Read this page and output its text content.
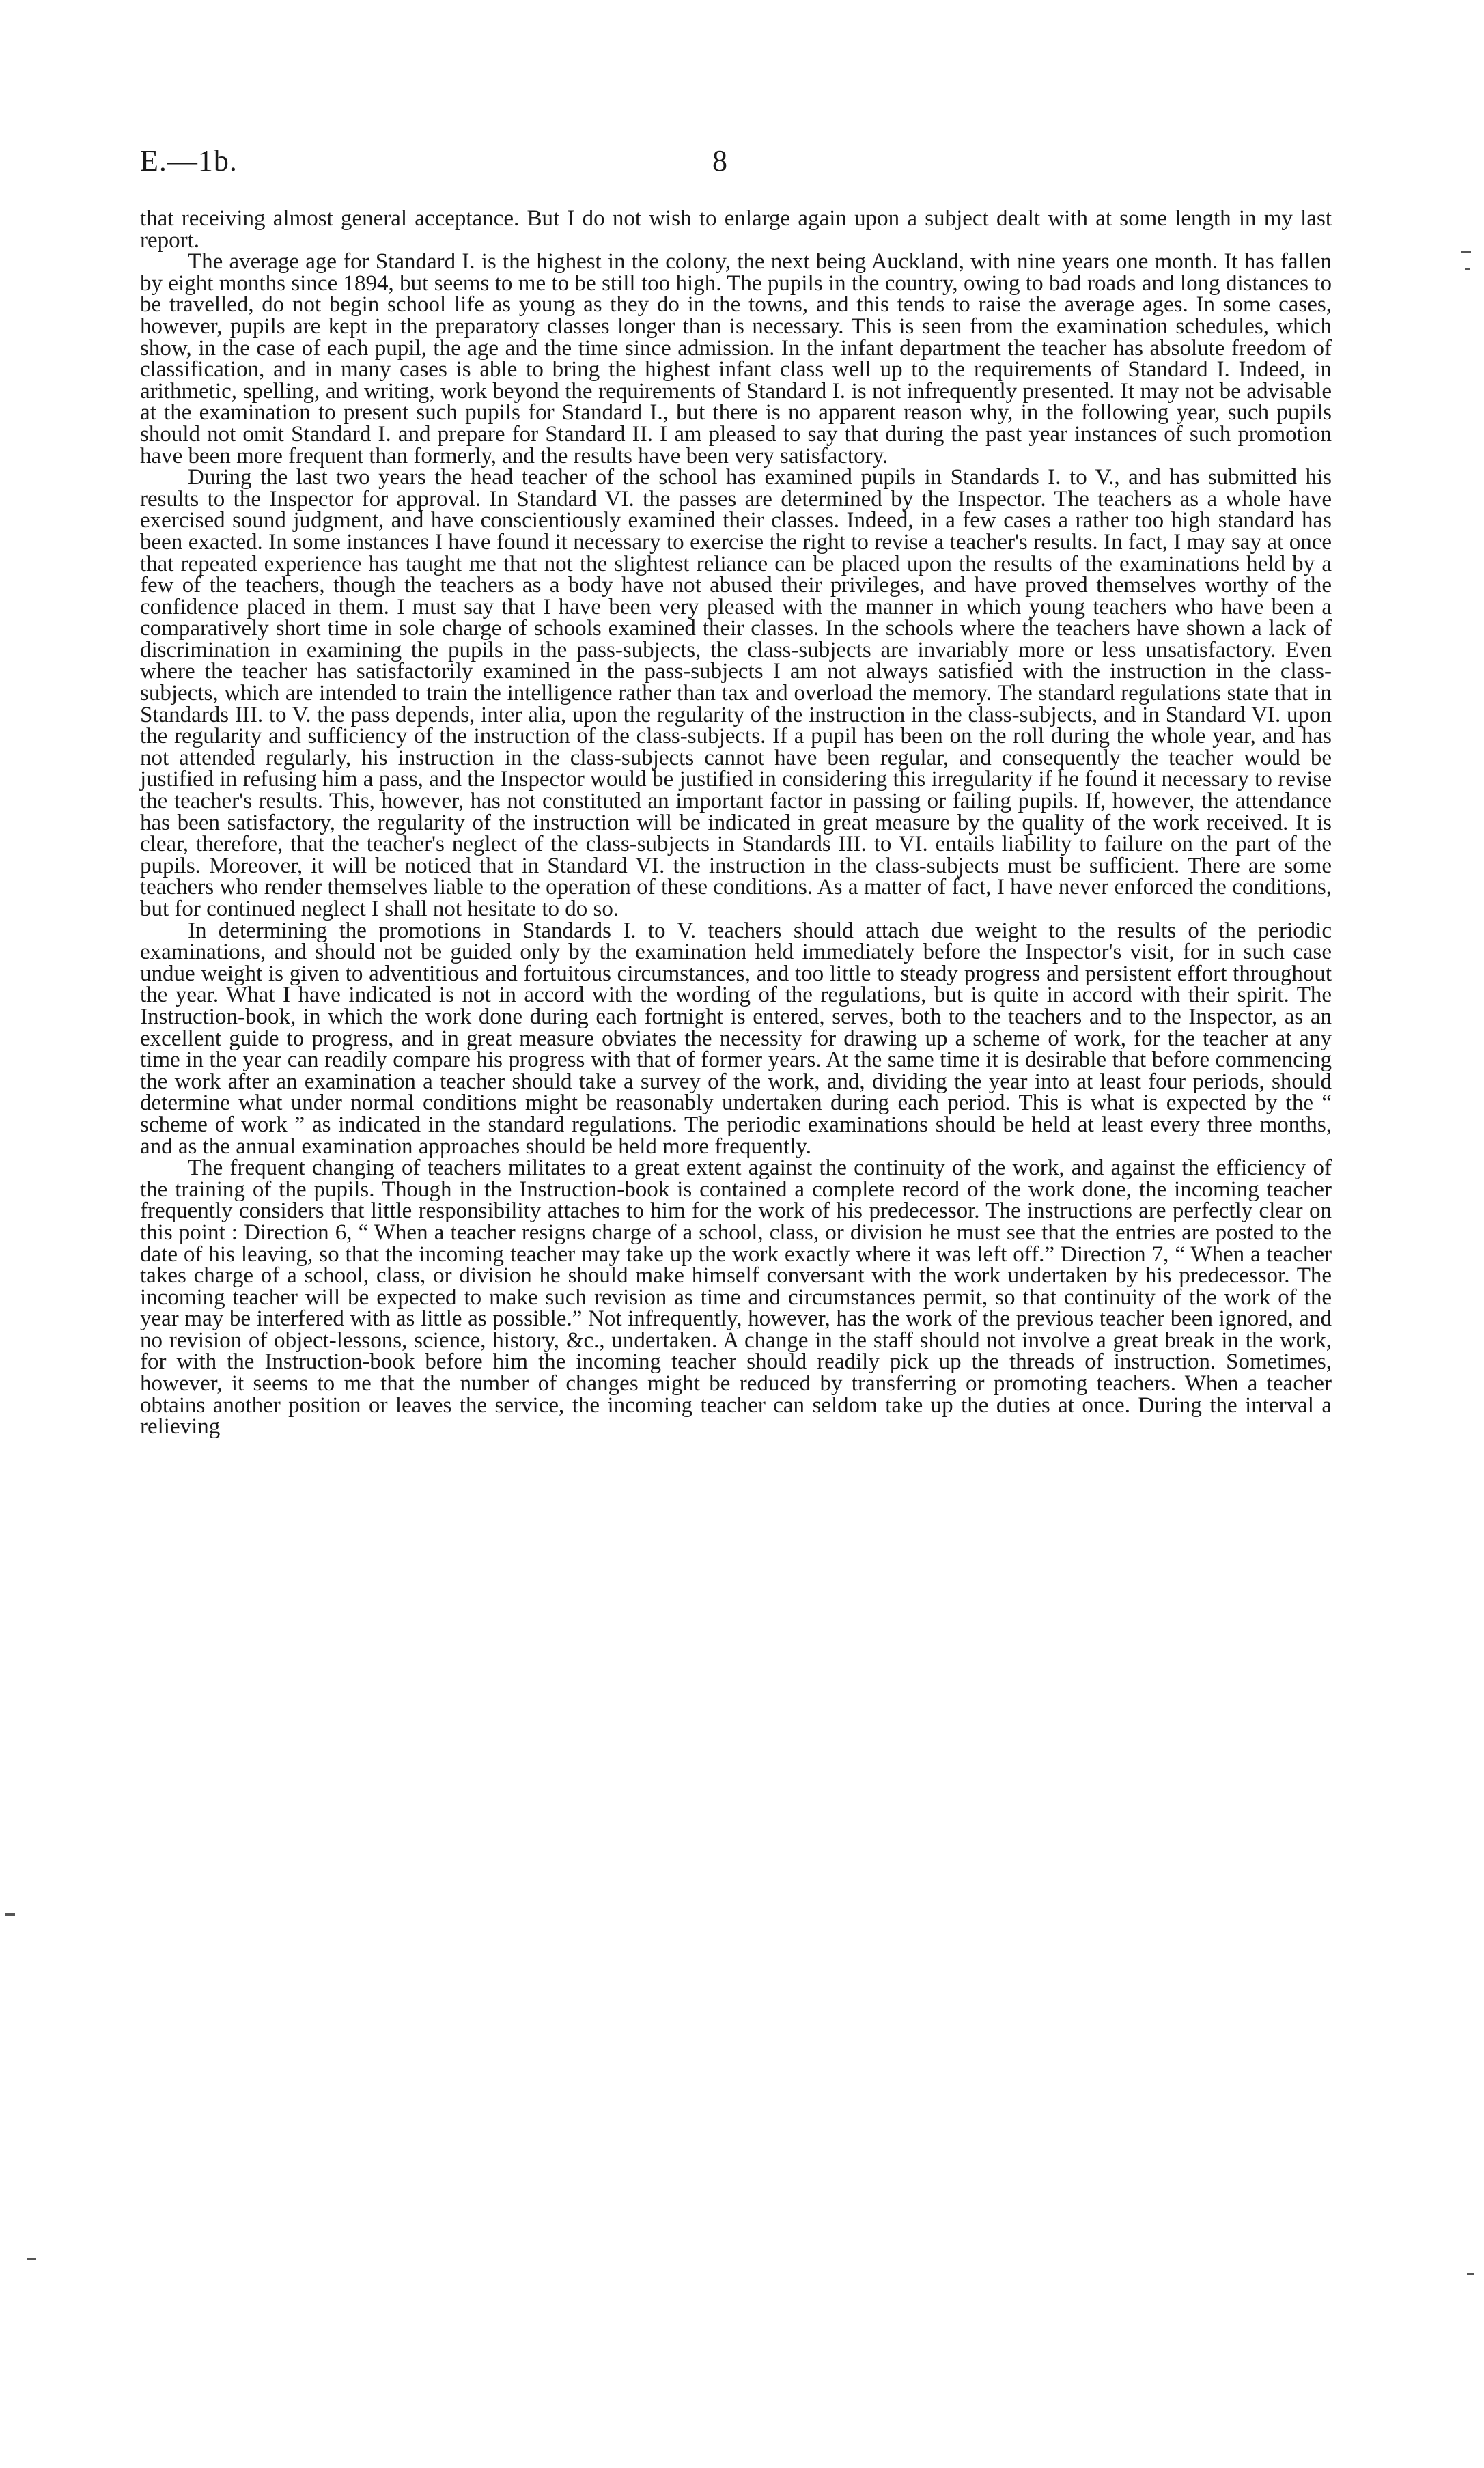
E.—1b.	8

that receiving almost general acceptance. But I do not wish to enlarge again upon a subject dealt with at some length in my last report.

The average age for Standard I. is the highest in the colony, the next being Auckland, with nine years one month. It has fallen by eight months since 1894, but seems to me to be still too high. The pupils in the country, owing to bad roads and long distances to be travelled, do not begin school life as young as they do in the towns, and this tends to raise the average ages. In some cases, however, pupils are kept in the preparatory classes longer than is necessary. This is seen from the examination schedules, which show, in the case of each pupil, the age and the time since admission. In the infant department the teacher has absolute freedom of classification, and in many cases is able to bring the highest infant class well up to the requirements of Standard I. Indeed, in arithmetic, spelling, and writing, work beyond the requirements of Standard I. is not infrequently presented. It may not be advisable at the examination to present such pupils for Standard I., but there is no apparent reason why, in the following year, such pupils should not omit Standard I. and prepare for Standard II. I am pleased to say that during the past year instances of such promotion have been more frequent than formerly, and the results have been very satisfactory.

During the last two years the head teacher of the school has examined pupils in Standards I. to V., and has submitted his results to the Inspector for approval. In Standard VI. the passes are determined by the Inspector. The teachers as a whole have exercised sound judgment, and have conscientiously examined their classes. Indeed, in a few cases a rather too high standard has been exacted. In some instances I have found it necessary to exercise the right to revise a teacher's results. In fact, I may say at once that repeated experience has taught me that not the slightest reliance can be placed upon the results of the examinations held by a few of the teachers, though the teachers as a body have not abused their privileges, and have proved themselves worthy of the confidence placed in them. I must say that I have been very pleased with the manner in which young teachers who have been a comparatively short time in sole charge of schools examined their classes. In the schools where the teachers have shown a lack of discrimination in examining the pupils in the pass-subjects, the class-subjects are invariably more or less unsatisfactory. Even where the teacher has satisfactorily examined in the pass-subjects I am not always satisfied with the instruction in the class-subjects, which are intended to train the intelligence rather than tax and overload the memory. The standard regulations state that in Standards III. to V. the pass depends, inter alia, upon the regularity of the instruction in the class-subjects, and in Standard VI. upon the regularity and sufficiency of the instruction of the class-subjects. If a pupil has been on the roll during the whole year, and has not attended regularly, his instruction in the class-subjects cannot have been regular, and consequently the teacher would be justified in refusing him a pass, and the Inspector would be justified in considering this irregularity if he found it necessary to revise the teacher's results. This, however, has not constituted an important factor in passing or failing pupils. If, however, the attendance has been satisfactory, the regularity of the instruction will be indicated in great measure by the quality of the work received. It is clear, therefore, that the teacher's neglect of the class-subjects in Standards III. to VI. entails liability to failure on the part of the pupils. Moreover, it will be noticed that in Standard VI. the instruction in the class-subjects must be sufficient. There are some teachers who render themselves liable to the operation of these conditions. As a matter of fact, I have never enforced the conditions, but for continued neglect I shall not hesitate to do so.

In determining the promotions in Standards I. to V. teachers should attach due weight to the results of the periodic examinations, and should not be guided only by the examination held immediately before the Inspector's visit, for in such case undue weight is given to adventitious and fortuitous circumstances, and too little to steady progress and persistent effort throughout the year. What I have indicated is not in accord with the wording of the regulations, but is quite in accord with their spirit. The Instruction-book, in which the work done during each fortnight is entered, serves, both to the teachers and to the Inspector, as an excellent guide to progress, and in great measure obviates the necessity for drawing up a scheme of work, for the teacher at any time in the year can readily compare his progress with that of former years. At the same time it is desirable that before commencing the work after an examination a teacher should take a survey of the work, and, dividing the year into at least four periods, should determine what under normal conditions might be reasonably undertaken during each period. This is what is expected by the “ scheme of work ” as indicated in the standard regulations. The periodic examinations should be held at least every three months, and as the annual examination approaches should be held more frequently.

The frequent changing of teachers militates to a great extent against the continuity of the work, and against the efficiency of the training of the pupils. Though in the Instruction-book is contained a complete record of the work done, the incoming teacher frequently considers that little responsibility attaches to him for the work of his predecessor. The instructions are perfectly clear on this point : Direction 6, “ When a teacher resigns charge of a school, class, or division he must see that the entries are posted to the date of his leaving, so that the incoming teacher may take up the work exactly where it was left off.” Direction 7, “ When a teacher takes charge of a school, class, or division he should make himself conversant with the work undertaken by his predecessor. The incoming teacher will be expected to make such revision as time and circumstances permit, so that continuity of the work of the year may be interfered with as little as possible.” Not infrequently, however, has the work of the previous teacher been ignored, and no revision of object-lessons, science, history, &c., undertaken. A change in the staff should not involve a great break in the work, for with the Instruction-book before him the incoming teacher should readily pick up the threads of instruction. Sometimes, however, it seems to me that the number of changes might be reduced by transferring or promoting teachers. When a teacher obtains another position or leaves the service, the incoming teacher can seldom take up the duties at once. During the interval a relieving
